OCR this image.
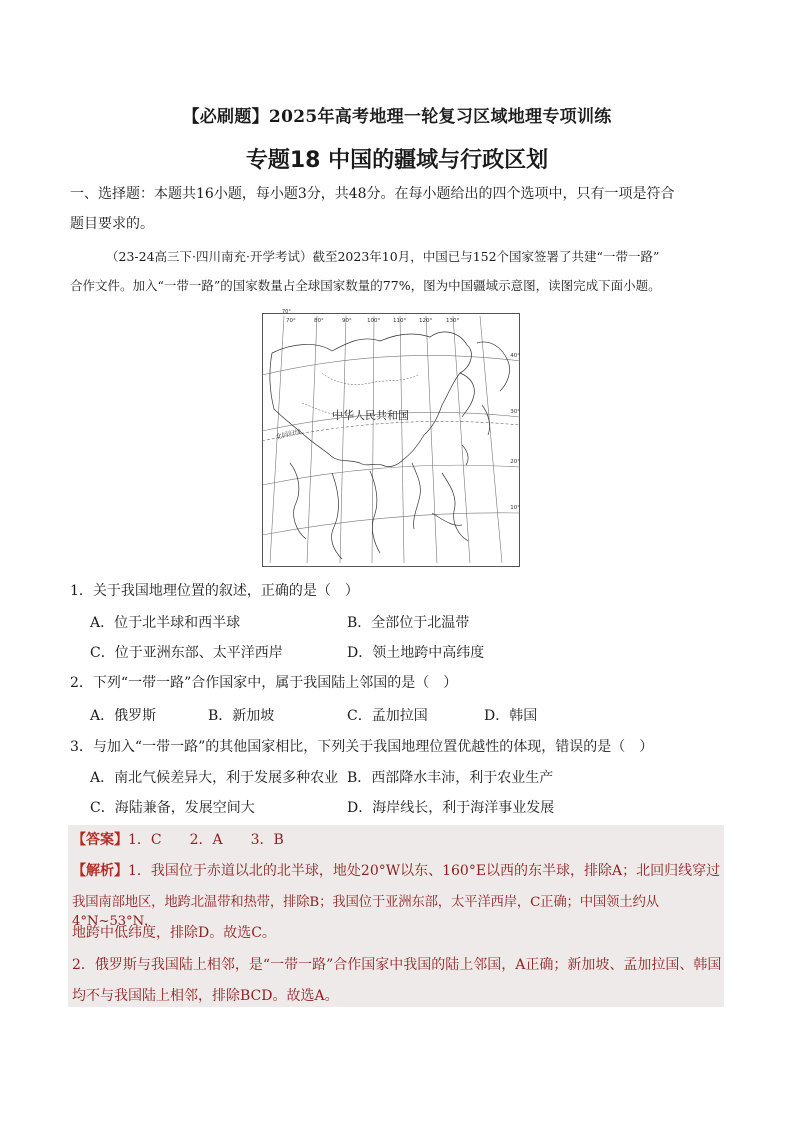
【必刷题】2025年高考地理一轮复习区域地理专项训练
专题18 中国的疆域与行政区划
一、选择题：本题共16小题，每小题3分，共48分。在每小题给出的四个选项中，只有一项是符合
题目要求的。
（23-24高三下·四川南充·开学考试）截至2023年10月，中国已与152个国家签署了共建“一带一路”
合作文件。加入“一带一路”的国家数量占全球国家数量的77%，图为中国疆域示意图，读图完成下面小题。
70°
70°	80°	90°	100° 110° 120°	130°
40°
30°
20°
10°
中华人民共和国
北回归线
1．关于我国地理位置的叙述，正确的是（　）
A．位于北半球和西半球	B．全部位于北温带
C．位于亚洲东部、太平洋西岸	D．领土地跨中高纬度
2．下列“一带一路”合作国家中，属于我国陆上邻国的是（　）
A．俄罗斯	B．新加坡	C．孟加拉国	D．韩国
3．与加入“一带一路”的其他国家相比，下列关于我国地理位置优越性的体现，错误的是（　）
A．南北气候差异大，利于发展多种农业 B．西部降水丰沛，利于农业生产
C．海陆兼备，发展空间大	D．海岸线长，利于海洋事业发展
【答案】1．C　　2．A　　3．B
【解析】1．我国位于赤道以北的北半球，地处20°W以东、160°E以西的东半球，排除A；北回归线穿过
我国南部地区，地跨北温带和热带，排除B；我国位于亚洲东部，太平洋西岸，C正确；中国领土约从4°N~53°N，
地跨中低纬度，排除D。故选C。
2．俄罗斯与我国陆上相邻，是“一带一路”合作国家中我国的陆上邻国，A正确；新加坡、孟加拉国、韩国
均不与我国陆上相邻，排除BCD。故选A。
